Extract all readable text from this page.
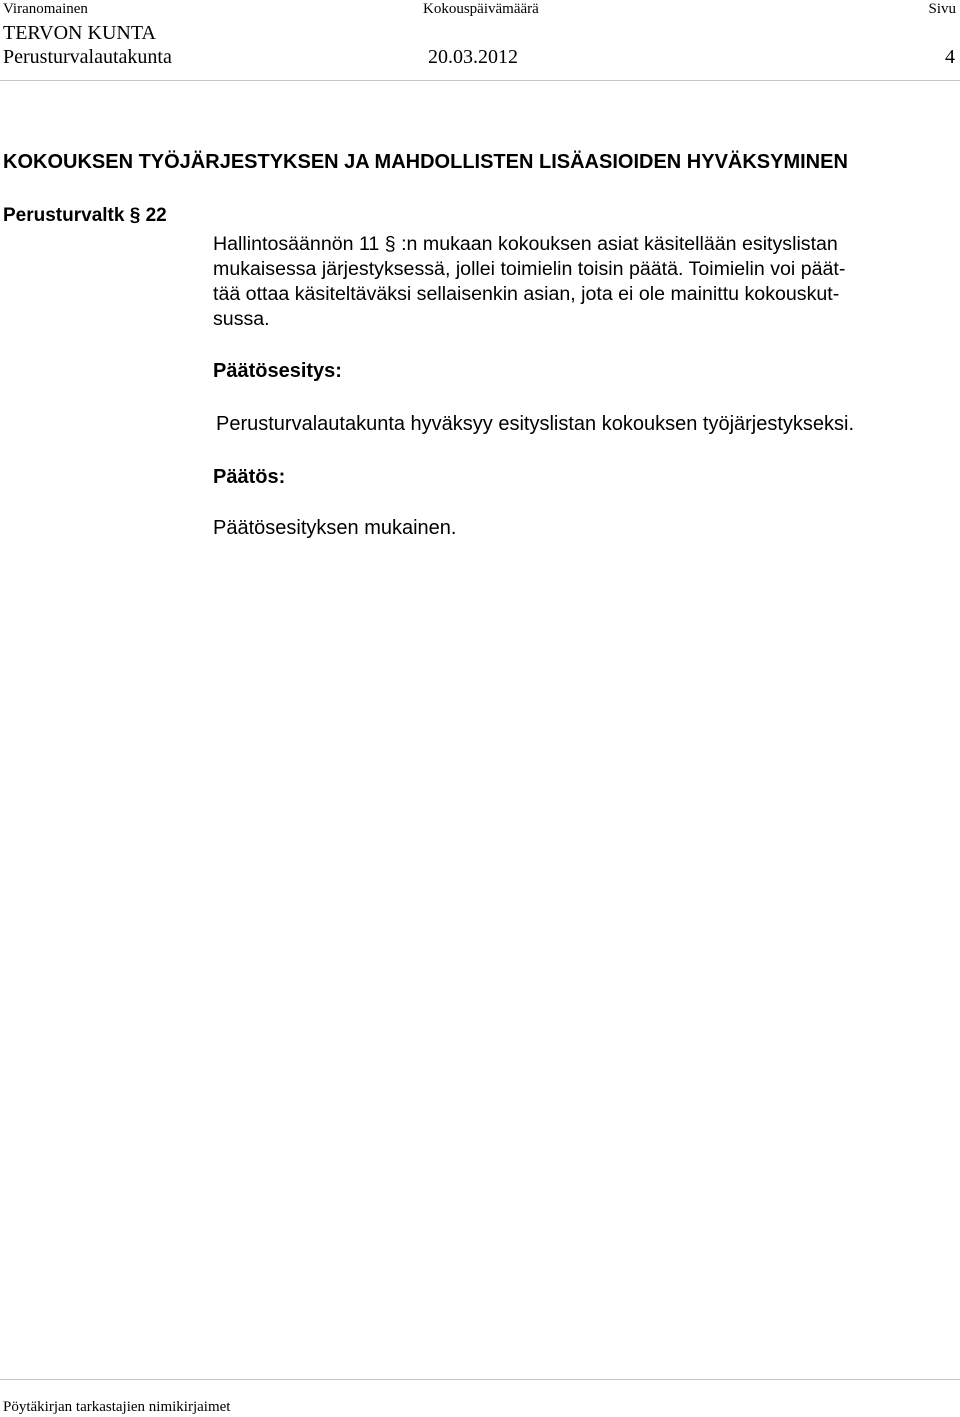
Viranomainen	Kokouspäivämäärä	Sivu
TERVON KUNTA
Perusturvalautakunta	20.03.2012	4
KOKOUKSEN TYÖJÄRJESTYKSEN JA MAHDOLLISTEN LISÄASIOIDEN HYVÄKSYMINEN
Perusturvaltk § 22
Hallintosäännön 11 § :n mukaan kokouksen asiat käsitellään esityslistan
mukaisessa järjestyksessä, jollei toimielin toisin päätä. Toimielin voi päät-
tää ottaa käsiteltäväksi sellaisenkin asian, jota ei ole mainittu kokouskut-
sussa.
Päätösesitys:
Perusturvalautakunta hyväksyy esityslistan kokouksen työjärjestykseksi.
Päätös:
Päätösesityksen mukainen.
Pöytäkirjan tarkastajien nimikirjaimet
